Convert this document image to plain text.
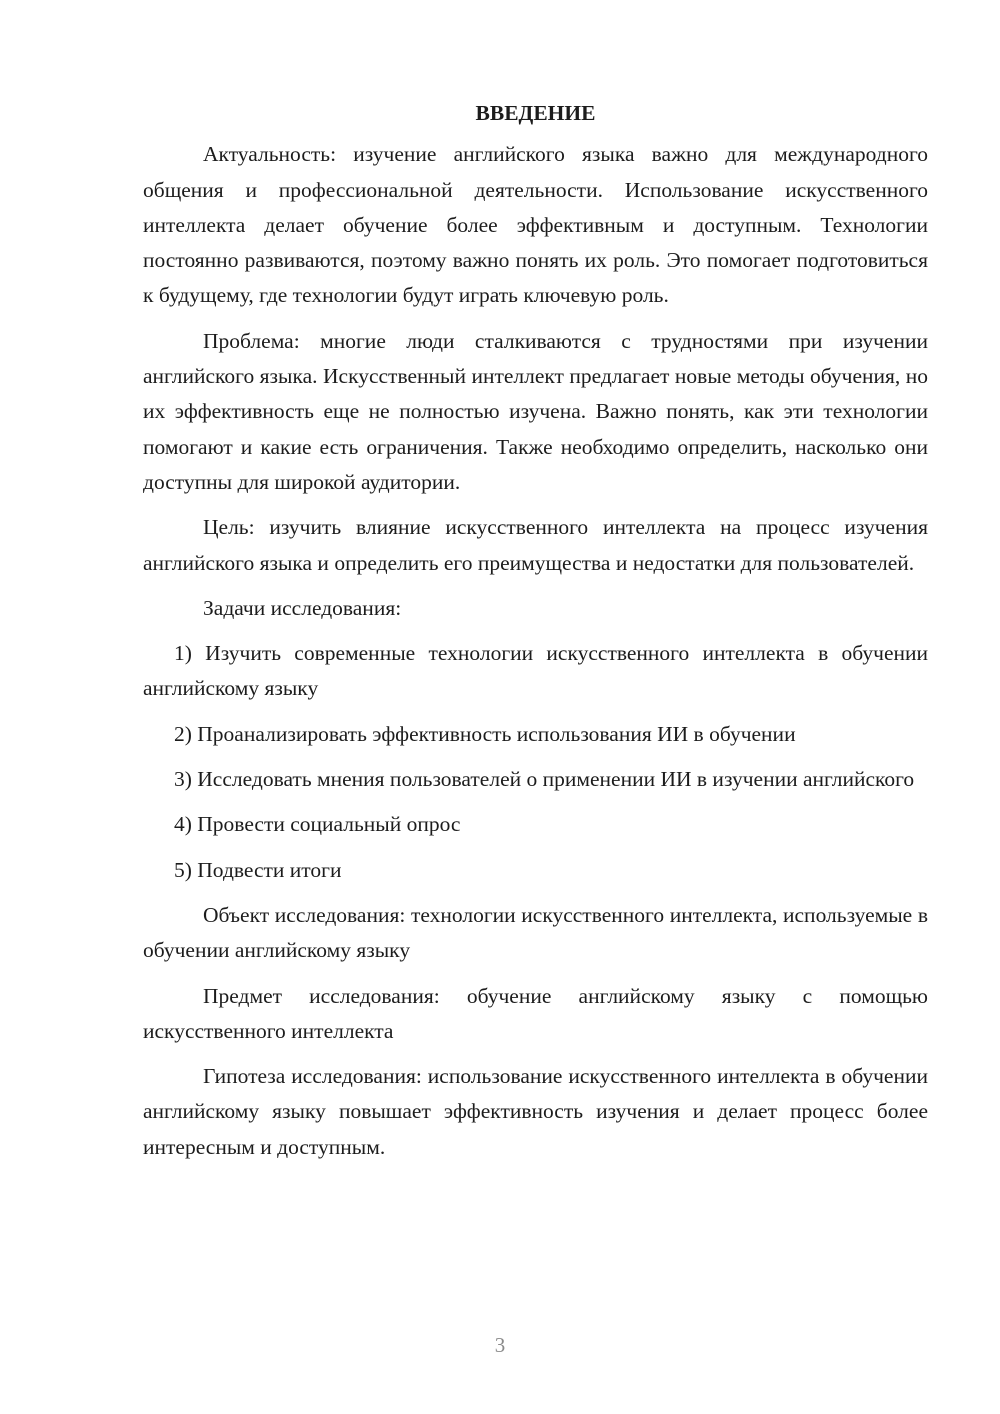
ВВЕДЕНИЕ

Актуальность: изучение английского языка важно для международного общения и профессиональной деятельности. Использование искусственного интеллекта делает обучение более эффективным и доступным. Технологии постоянно развиваются, поэтому важно понять их роль. Это помогает подготовиться к будущему, где технологии будут играть ключевую роль.

Проблема: многие люди сталкиваются с трудностями при изучении английского языка. Искусственный интеллект предлагает новые методы обучения, но их эффективность еще не полностью изучена. Важно понять, как эти технологии помогают и какие есть ограничения. Также необходимо определить, насколько они доступны для широкой аудитории.

Цель: изучить влияние искусственного интеллекта на процесс изучения английского языка и определить его преимущества и недостатки для пользователей.

Задачи исследования:

1) Изучить современные технологии искусственного интеллекта в обучении английскому языку

2) Проанализировать эффективность использования ИИ в обучении

3) Исследовать мнения пользователей о применении ИИ в изучении английского

4) Провести социальный опрос

5) Подвести итоги

Объект исследования: технологии искусственного интеллекта, используемые в обучении английскому языку

Предмет исследования: обучение английскому языку с помощью искусственного интеллекта

Гипотеза исследования: использование искусственного интеллекта в обучении английскому языку повышает эффективность изучения и делает процесс более интересным и доступным.

3
